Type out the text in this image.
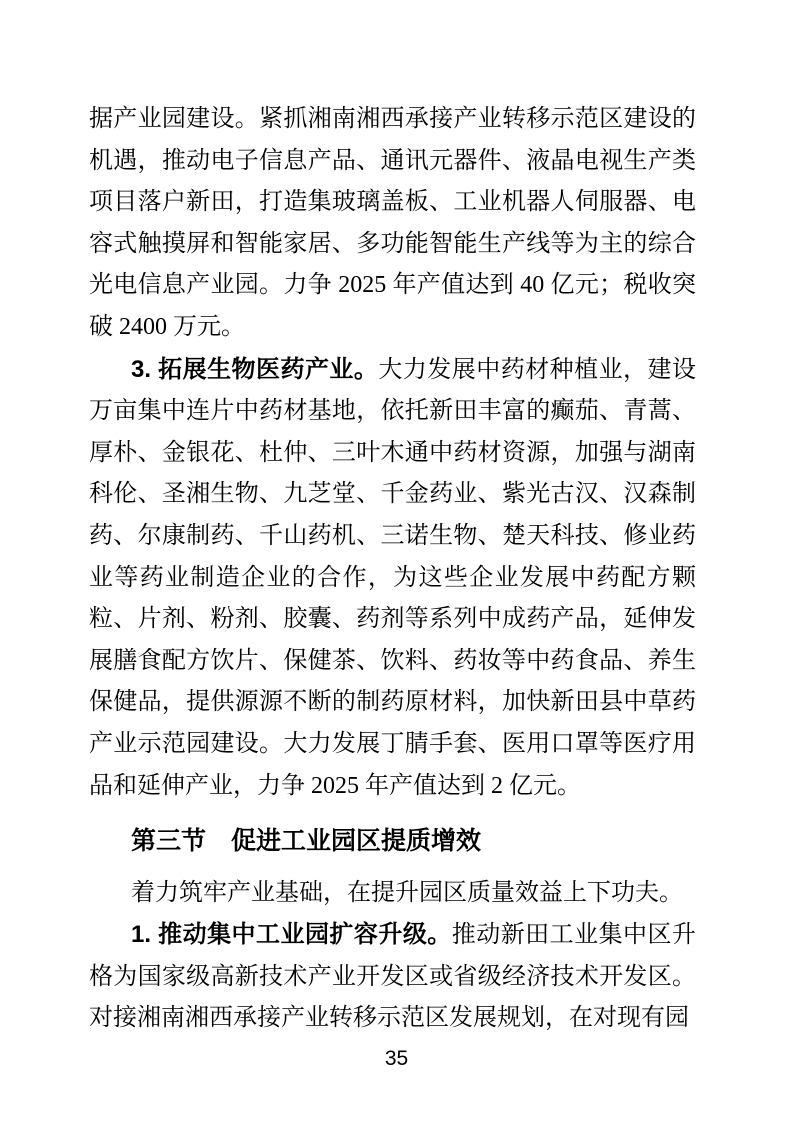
据产业园建设。紧抓湘南湘西承接产业转移示范区建设的机遇，推动电子信息产品、通讯元器件、液晶电视生产类项目落户新田，打造集玻璃盖板、工业机器人伺服器、电容式触摸屏和智能家居、多功能智能生产线等为主的综合光电信息产业园。力争 2025 年产值达到 40 亿元；税收突破 2400 万元。

3. 拓展生物医药产业。大力发展中药材种植业，建设万亩集中连片中药材基地，依托新田丰富的癫茄、青蒿、厚朴、金银花、杜仲、三叶木通中药材资源，加强与湖南科伦、圣湘生物、九芝堂、千金药业、紫光古汉、汉森制药、尔康制药、千山药机、三诺生物、楚天科技、修业药业等药业制造企业的合作，为这些企业发展中药配方颗粒、片剂、粉剂、胶囊、药剂等系列中成药产品，延伸发展膳食配方饮片、保健茶、饮料、药妆等中药食品、养生保健品，提供源源不断的制药原材料，加快新田县中草药产业示范园建设。大力发展丁腈手套、医用口罩等医疗用品和延伸产业，力争 2025 年产值达到 2 亿元。

第三节　促进工业园区提质增效

着力筑牢产业基础，在提升园区质量效益上下功夫。

1. 推动集中工业园扩容升级。推动新田工业集中区升格为国家级高新技术产业开发区或省级经济技术开发区。对接湘南湘西承接产业转移示范区发展规划，在对现有园

35
